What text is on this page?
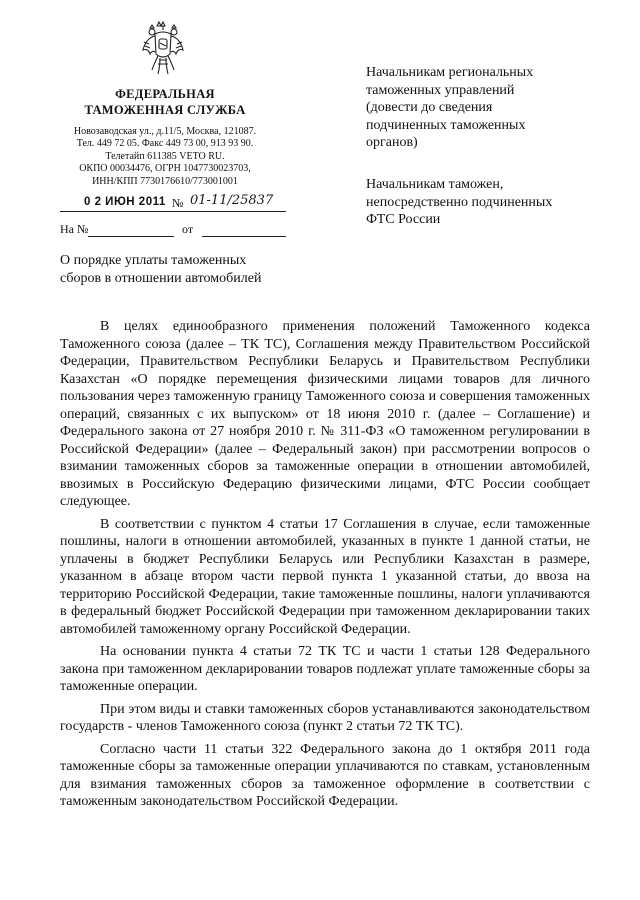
ФЕДЕРАЛЬНАЯ
ТАМОЖЕННАЯ СЛУЖБА
Новозаводская ул., д.11/5, Москва, 121087.
Тел. 449 72 05. Факс 449 73 00, 913 93 90.
Телетайп 611385 VETO RU.
ОКПО 00034476, ОГРН 1047730023703,
ИНН/КПП 7730176610/773001001
0 2 ИЮН 2011 № 01-11/25837
На №	от
Начальникам региональных
таможенных управлений
(довести до сведения
подчиненных таможенных
органов)
Начальникам таможен,
непосредственно подчиненных
ФТС России
О порядке уплаты таможенных
сборов в отношении автомобилей

В целях единообразного применения положений Таможенного кодекса Таможенного союза (далее – ТК ТС), Соглашения между Правительством Российской Федерации, Правительством Республики Беларусь и Правительством Республики Казахстан «О порядке перемещения физическими лицами товаров для личного пользования через таможенную границу Таможенного союза и совершения таможенных операций, связанных с их выпуском» от 18 июня 2010 г. (далее – Соглашение) и Федерального закона от 27 ноября 2010 г. № 311-ФЗ «О таможенном регулировании в Российской Федерации» (далее – Федеральный закон) при рассмотрении вопросов о взимании таможенных сборов за таможенные операции в отношении автомобилей, ввозимых в Российскую Федерацию физическими лицами, ФТС России сообщает следующее.

В соответствии с пунктом 4 статьи 17 Соглашения в случае, если таможенные пошлины, налоги в отношении автомобилей, указанных в пункте 1 данной статьи, не уплачены в бюджет Республики Беларусь или Республики Казахстан в размере, указанном в абзаце втором части первой пункта 1 указанной статьи, до ввоза на территорию Российской Федерации, такие таможенные пошлины, налоги уплачиваются в федеральный бюджет Российской Федерации при таможенном декларировании таких автомобилей таможенному органу Российской Федерации.

На основании пункта 4 статьи 72 ТК ТС и части 1 статьи 128 Федерального закона при таможенном декларировании товаров подлежат уплате таможенные сборы за таможенные операции.

При этом виды и ставки таможенных сборов устанавливаются законодательством государств - членов Таможенного союза (пункт 2 статьи 72 ТК ТС).

Согласно части 11 статьи 322 Федерального закона до 1 октября 2011 года таможенные сборы за таможенные операции уплачиваются по ставкам, установленным для взимания таможенных сборов за таможенное оформление в соответствии с таможенным законодательством Российской Федерации.
